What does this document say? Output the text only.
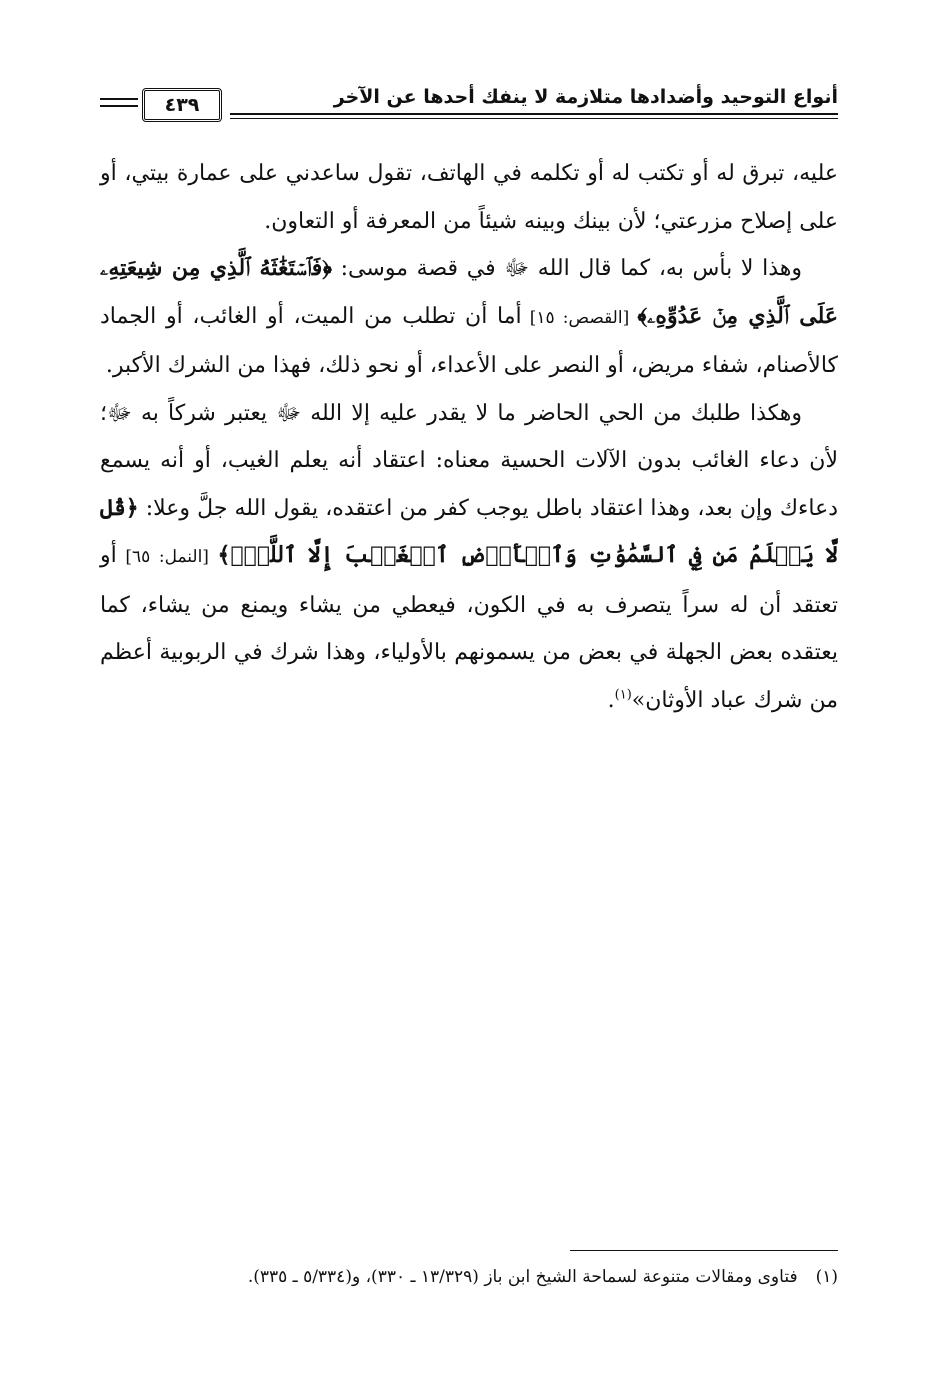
أنواع التوحيد وأضدادها متلازمة لا ينفك أحدها عن الآخر
٤٣٩

عليه، تبرق له أو تكتب له أو تكلمه في الهاتف، تقول ساعدني على عمارة بيتي، أو على إصلاح مزرعتي؛ لأن بينك وبينه شيئاً من المعرفة أو التعاون.

وهذا لا بأس به، كما قال الله ﷻ في قصة موسى: ﴿فَٱسۡتَغَٰثَهُ ٱلَّذِي مِن شِيعَتِهِۦ عَلَى ٱلَّذِي مِنۡ عَدُوِّهِۦ﴾ [القصص: ١٥] أما أن تطلب من الميت، أو الغائب، أو الجماد كالأصنام، شفاء مريض، أو النصر على الأعداء، أو نحو ذلك، فهذا من الشرك الأكبر.

وهكذا طلبك من الحي الحاضر ما لا يقدر عليه إلا الله ﷻ يعتبر شركاً به ﷻ؛ لأن دعاء الغائب بدون الآلات الحسية معناه: اعتقاد أنه يعلم الغيب، أو أنه يسمع دعاءك وإن بعد، وهذا اعتقاد باطل يوجب كفر من اعتقده، يقول الله جلَّ وعلا: ﴿قُل لَّا يَعۡلَمُ مَن فِي ٱلسَّمَٰوَٰتِ وَٱلۡأَرۡضِ ٱلۡغَيۡبَ إِلَّا ٱللَّهُۚ﴾ [النمل: ٦٥] أو تعتقد أن له سراً يتصرف به في الكون، فيعطي من يشاء ويمنع من يشاء، كما يعتقده بعض الجهلة في بعض من يسمونهم بالأولياء، وهذا شرك في الربوبية أعظم من شرك عباد الأوثان»$^{(١)}$.

(١)فتاوى ومقالات متنوعة لسماحة الشيخ ابن باز (١٣/٣٢٩ ـ ٣٣٠)، و(٥/٣٣٤ ـ ٣٣٥).
